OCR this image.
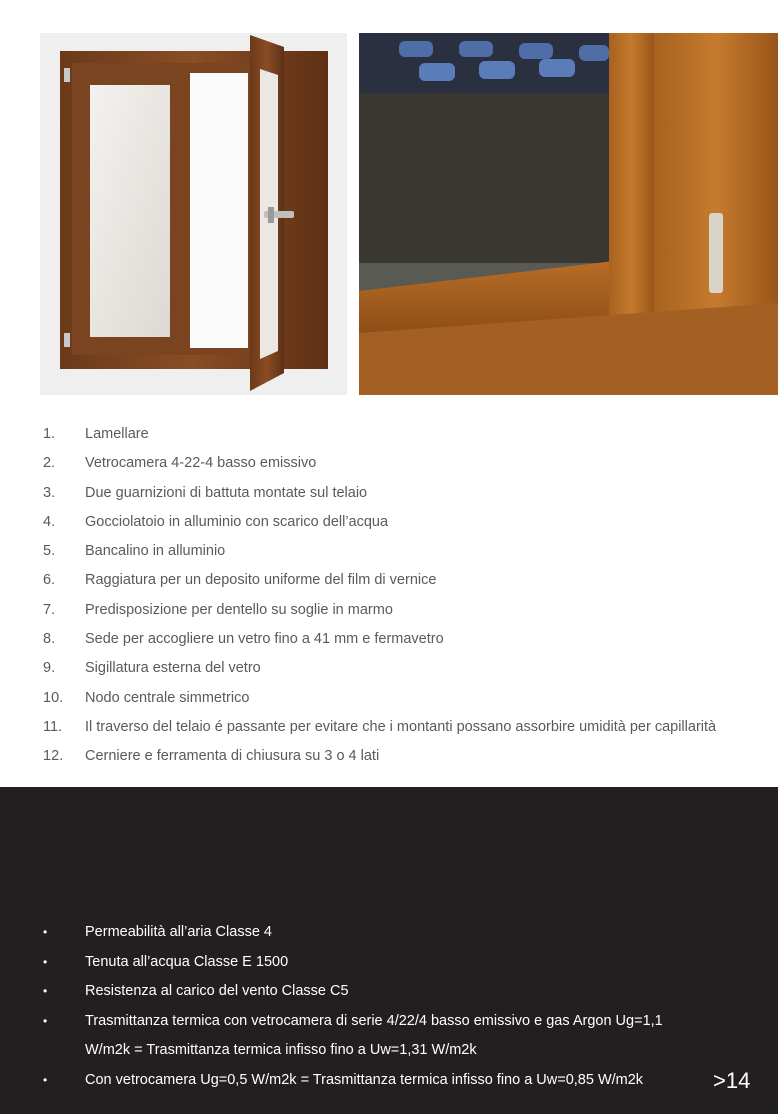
1. Lamellare
2. Vetrocamera 4-22-4 basso emissivo
3. Due guarnizioni di battuta montate sul telaio
4. Gocciolatoio in alluminio con scarico dell’acqua
5. Bancalino in alluminio
6. Raggiatura per un deposito uniforme del film di vernice
7. Predisposizione per dentello su soglie in marmo
8. Sede per accogliere un vetro fino a 41 mm e fermavetro
9. Sigillatura esterna del vetro
10. Nodo centrale simmetrico
11. Il traverso del telaio é passante per evitare che i montanti possano assorbire umidità per capillarità
12. Cerniere e ferramenta di chiusura su 3 o 4 lati
•	Permeabilità all’aria Classe 4
•	Tenuta all’acqua Classe E 1500
•	Resistenza al carico del vento Classe C5
•	Trasmittanza termica con vetrocamera di serie 4/22/4 basso emissivo e gas Argon Ug=1,1 W/m2k = Trasmittanza termica infisso fino a Uw=1,31 W/m2k
•	Con vetrocamera Ug=0,5 W/m2k = Trasmittanza termica infisso fino a Uw=0,85 W/m2k	>14
